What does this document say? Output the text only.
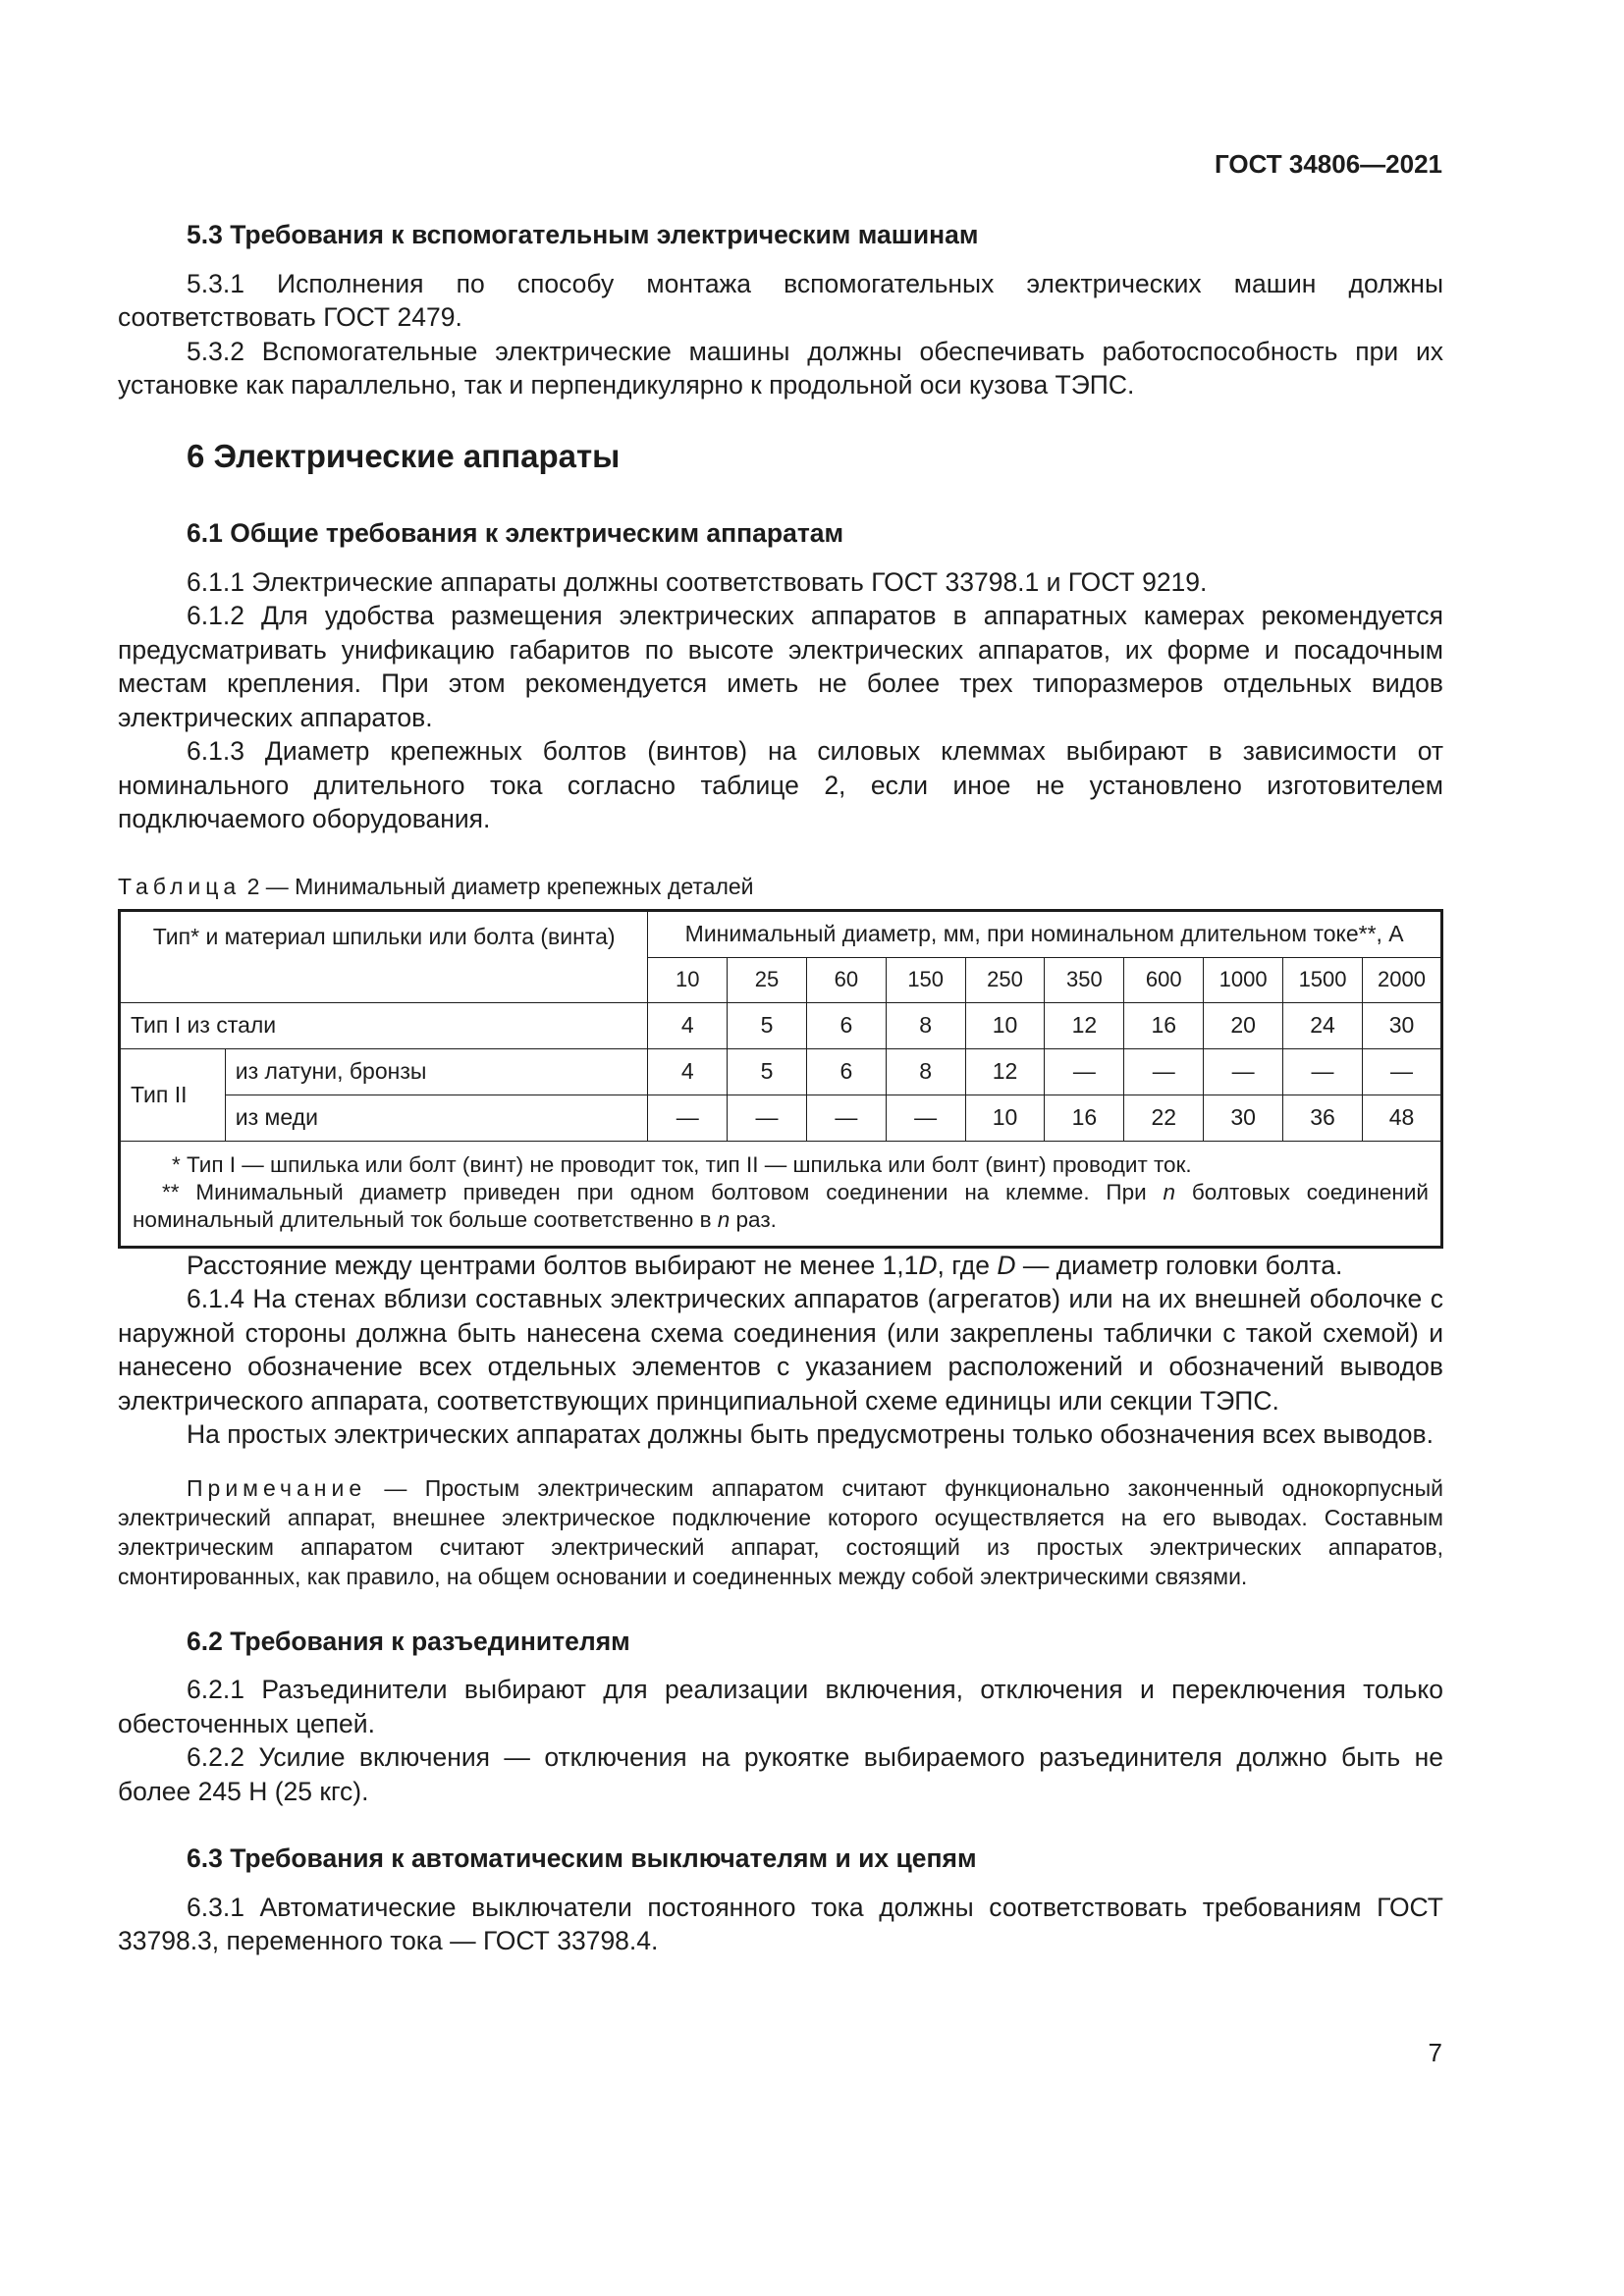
ГОСТ 34806—2021
5.3 Требования к вспомогательным электрическим машинам

5.3.1 Исполнения по способу монтажа вспомогательных электрических машин должны соответствовать ГОСТ 2479.

5.3.2 Вспомогательные электрические машины должны обеспечивать работоспособность при их установке как параллельно, так и перпендикулярно к продольной оси кузова ТЭПС.

6 Электрические аппараты
6.1 Общие требования к электрическим аппаратам

6.1.1 Электрические аппараты должны соответствовать ГОСТ 33798.1 и ГОСТ 9219.

6.1.2 Для удобства размещения электрических аппаратов в аппаратных камерах рекомендуется предусматривать унификацию габаритов по высоте электрических аппаратов, их форме и посадочным местам крепления. При этом рекомендуется иметь не более трех типоразмеров отдельных видов электрических аппаратов.

6.1.3 Диаметр крепежных болтов (винтов) на силовых клеммах выбирают в зависимости от номинального длительного тока согласно таблице 2, если иное не установлено изготовителем подключаемого оборудования.

Таблица 2 — Минимальный диаметр крепежных деталей
Тип* и материал шпильки или болта (винта)		Минимальный диаметр, мм, при номинальном длительном токе**, А									
		10	25	60	150	250	350	600	1000	1500	2000
Тип I из стали		4	5	6	8	10	12	16	20	24	30
Тип II	из латуни, бронзы	4	5	6	8	12	—	—	—	—	—
	из меди	—	—	—	—	10	16	22	30	36	48

* Тип I — шпилька или болт (винт) не проводит ток, тип II — шпилька или болт (винт) проводит ток.
** Минимальный диаметр приведен при одном болтовом соединении на клемме. При n болтовых соединений номинальный длительный ток больше соответственно в n раз.											

Расстояние между центрами болтов выбирают не менее 1,1D, где D — диаметр головки болта.

6.1.4 На стенах вблизи составных электрических аппаратов (агрегатов) или на их внешней оболочке с наружной стороны должна быть нанесена схема соединения (или закреплены таблички с такой схемой) и нанесено обозначение всех отдельных элементов с указанием расположений и обозначений выводов электрического аппарата, соответствующих принципиальной схеме единицы или секции ТЭПС.

На простых электрических аппаратах должны быть предусмотрены только обозначения всех выводов.

Примечание — Простым электрическим аппаратом считают функционально законченный однокорпусный электрический аппарат, внешнее электрическое подключение которого осуществляется на его выводах. Составным электрическим аппаратом считают электрический аппарат, состоящий из простых электрических аппаратов, смонтированных, как правило, на общем основании и соединенных между собой электрическими связями.
6.2 Требования к разъединителям

6.2.1 Разъединители выбирают для реализации включения, отключения и переключения только обесточенных цепей.

6.2.2 Усилие включения — отключения на рукоятке выбираемого разъединителя должно быть не более 245 Н (25 кгс).

6.3 Требования к автоматическим выключателям и их цепям

6.3.1 Автоматические выключатели постоянного тока должны соответствовать требованиям ГОСТ 33798.3, переменного тока — ГОСТ 33798.4.

7
